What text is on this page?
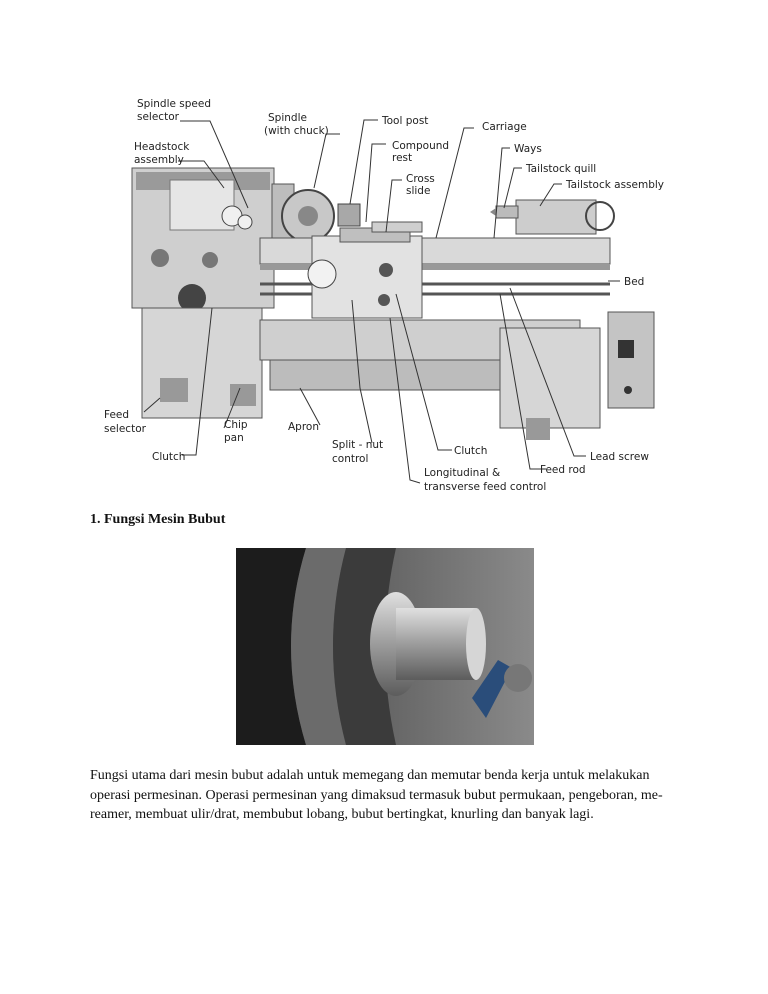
Spindle speed selector
Headstock assembly
Spindle (with chuck)
Tool post
Compound rest
Cross slide
Carriage
Ways
Tailstock quill
Tailstock assembly
Bed
Feed selector
Clutch
Chip pan
Apron
Split - nut control
Clutch
Feed rod
Lead screw
Longitudinal & transverse feed control
1. Fungsi Mesin Bubut

Fungsi utama dari mesin bubut adalah untuk memegang dan memutar benda kerja untuk melakukan operasi permesinan. Operasi permesinan yang dimaksud termasuk bubut permukaan, pengeboran, me-reamer, membuat ulir/drat, membubut lobang, bubut bertingkat, knurling dan banyak lagi.
